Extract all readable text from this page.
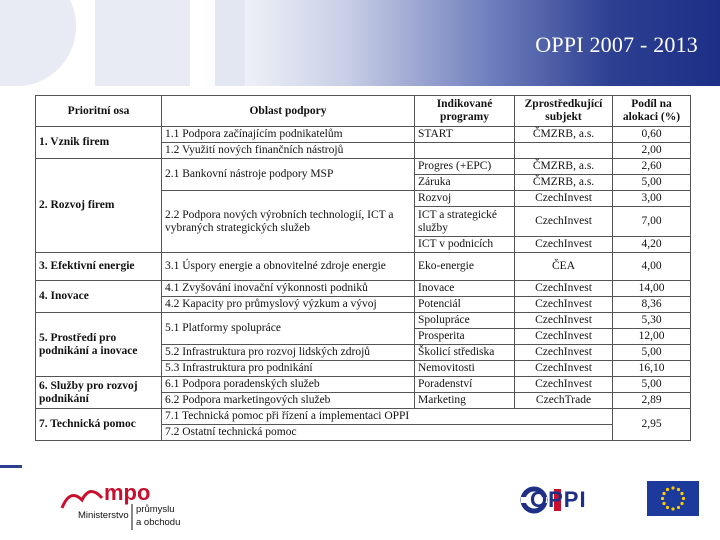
OPPI 2007 - 2013
Prioritní osa	Oblast podpory	Indikované programy	Zprostředkující subjekt	Podíl na alokaci (%)
1. Vznik firem	1.1 Podpora začínajícím podnikatelům	START	ČMZRB, a.s.	0,60
	1.2 Využití nových finančních nástrojů			2,00
2. Rozvoj firem	2.1 Bankovní nástroje podpory MSP	Progres (+EPC)	ČMZRB, a.s.	2,60
		Záruka	ČMZRB, a.s.	5,00
	2.2 Podpora nových výrobních technologií, ICT a vybraných strategických služeb	Rozvoj	CzechInvest	3,00
		ICT a strategické služby	CzechInvest	7,00
		ICT v podnicích	CzechInvest	4,20
3. Efektivní energie	3.1 Úspory energie a obnovitelné zdroje energie	Eko-energie	ČEA	4,00
4. Inovace	4.1 Zvyšování inovační výkonnosti podniků	Inovace	CzechInvest	14,00
	4.2 Kapacity pro průmyslový výzkum a vývoj	Potenciál	CzechInvest	8,36
5. Prostředí pro podnikání a inovace	5.1 Platformy spolupráce	Spolupráce	CzechInvest	5,30
		Prosperita	CzechInvest	12,00
	5.2 Infrastruktura pro rozvoj lidských zdrojů	Školicí střediska	CzechInvest	5,00
	5.3 Infrastruktura pro podnikání	Nemovitosti	CzechInvest	16,10
6. Služby pro rozvoj podnikání	6.1 Podpora poradenských služeb	Poradenství	CzechInvest	5,00
	6.2 Podpora marketingových služeb	Marketing	CzechTrade	2,89
7. Technická pomoc	7.1 Technická pomoc při řízení a implementaci OPPI			2,95
	7.2 Ostatní technická pomoc			
mpo
Ministerstvo
průmyslu
a obchodu
OPPI
